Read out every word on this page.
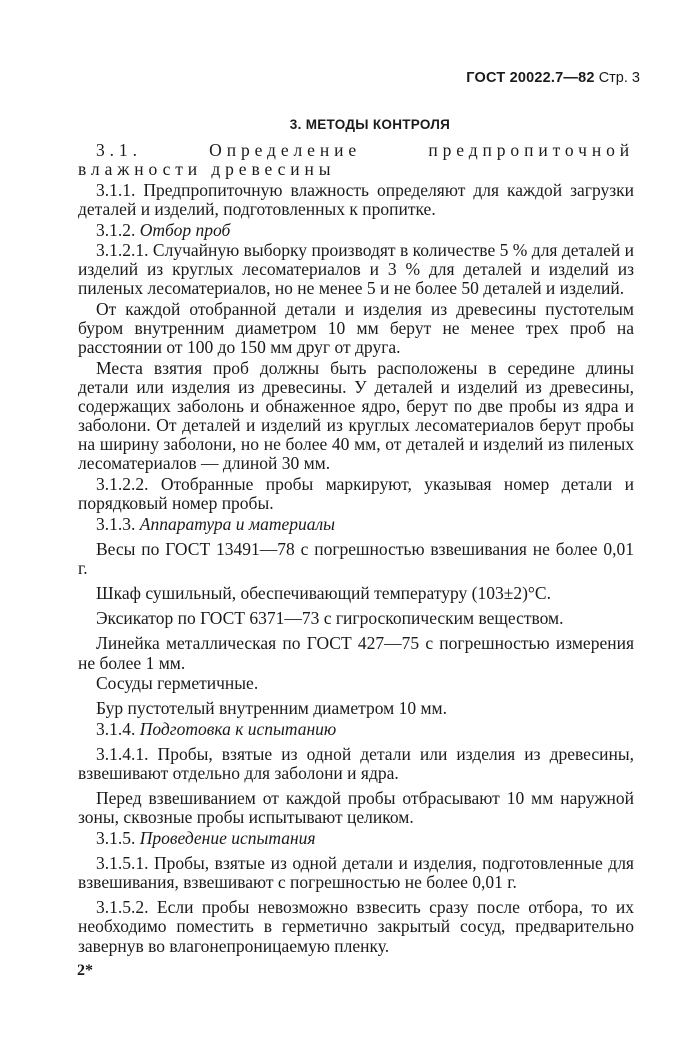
ГОСТ 20022.7—82 Стр. 3
3. МЕТОДЫ КОНТРОЛЯ

3.1. Определение предпропиточной влажности древесины

3.1.1. Предпропиточную влажность определяют для каждой загрузки деталей и изделий, подготовленных к пропитке.

3.1.2. Отбор проб

3.1.2.1. Случайную выборку производят в количестве 5 % для деталей и изделий из круглых лесоматериалов и 3 % для деталей и изделий из пиленых лесоматериалов, но не менее 5 и не более 50 деталей и изделий.

От каждой отобранной детали и изделия из древесины пустотелым буром внутренним диаметром 10 мм берут не менее трех проб на расстоянии от 100 до 150 мм друг от друга.

Места взятия проб должны быть расположены в середине длины детали или изделия из древесины. У деталей и изделий из древесины, содержащих заболонь и обнаженное ядро, берут по две пробы из ядра и заболони. От деталей и изделий из круглых лесоматериалов берут пробы на ширину заболони, но не более 40 мм, от деталей и изделий из пиленых лесоматериалов — длиной 30 мм.

3.1.2.2. Отобранные пробы маркируют, указывая номер детали и порядковый номер пробы.

3.1.3. Аппаратура и материалы

Весы по ГОСТ 13491—78 с погрешностью взвешивания не более 0,01 г.

Шкаф сушильный, обеспечивающий температуру (103±2)°С.

Эксикатор по ГОСТ 6371—73 с гигроскопическим веществом.

Линейка металлическая по ГОСТ 427—75 с погрешностью измерения не более 1 мм.

Сосуды герметичные.

Бур пустотелый внутренним диаметром 10 мм.

3.1.4. Подготовка к испытанию

3.1.4.1. Пробы, взятые из одной детали или изделия из древесины, взвешивают отдельно для заболони и ядра.

Перед взвешиванием от каждой пробы отбрасывают 10 мм наружной зоны, сквозные пробы испытывают целиком.

3.1.5. Проведение испытания

3.1.5.1. Пробы, взятые из одной детали и изделия, подготовленные для взвешивания, взвешивают с погрешностью не более 0,01 г.

3.1.5.2. Если пробы невозможно взвесить сразу после отбора, то их необходимо поместить в герметично закрытый сосуд, предварительно завернув во влагонепроницаемую пленку.

2*
